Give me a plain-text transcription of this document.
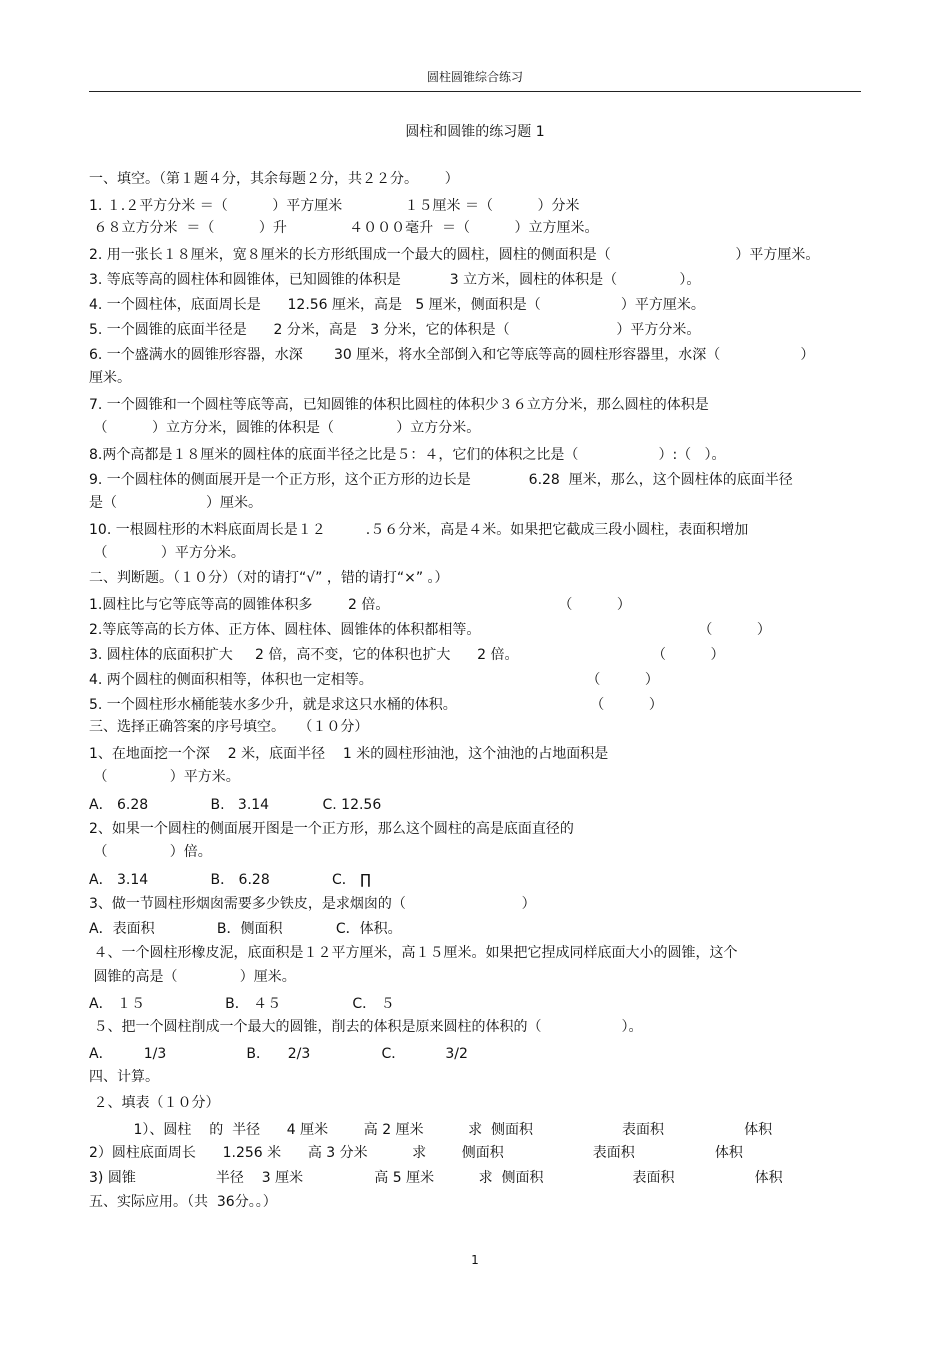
圆柱圆锥综合练习
圆柱和圆锥的练习题 1
一、填空。（第１题４分，其余每题２分，共２２分。      ）
1. １.２平方分米 ＝（          ）平方厘米              １５厘米 ＝（          ）分米
６８立方分米  ＝（          ）升              ４０００毫升  ＝（          ）立方厘米。
2. 用一张长１８厘米，宽８厘米的长方形纸围成一个最大的圆柱，圆柱的侧面积是（                            ）平方厘米。
3. 等底等高的圆柱体和圆锥体，已知圆锥的体积是           3 立方米，圆柱的体积是（              ）。
4. 一个圆柱体，底面周长是      12.56 厘米，高是   5 厘米，侧面积是（                  ）平方厘米。
5. 一个圆锥的底面半径是      2 分米，高是   3 分米，它的体积是（                        ）平方分米。
6. 一个盛满水的圆锥形容器，水深       30 厘米，将水全部倒入和它等底等高的圆柱形容器里，水深（                  ）
厘米。
7. 一个圆锥和一个圆柱等底等高，已知圆锥的体积比圆柱的体积少３６立方分米，那么圆柱的体积是
（          ）立方分米，圆锥的体积是（              ）立方分米。
8.两个高都是１８厘米的圆柱体的底面半径之比是５：４，它们的体积之比是（                  ）:（   ）。
9. 一个圆柱体的侧面展开是一个正方形，这个正方形的边长是             6.28  厘米，那么，这个圆柱体的底面半径
是（                    ）厘米。
10. 一根圆柱形的木料底面周长是１２         .５６分米，高是４米。如果把它截成三段小圆柱，表面积增加
（            ）平方分米。
二、判断题。（１０分）（对的请打“√” ，错的请打“×” 。）
1.圆柱比与它等底等高的圆锥体积多        2 倍。                                      （          ）
2.等底等高的长方体、正方体、圆柱体、圆锥体的体积都相等。                                                 （          ）
3. 圆柱体的底面积扩大     2 倍，高不变，它的体积也扩大      2 倍。                              （          ）
4. 两个圆柱的侧面积相等，体积也一定相等。                                                （          ）
5. 一个圆柱形水桶能装水多少升，就是求这只水桶的体积。                              （          ）
三、选择正确答案的序号填空。   （１０分）
1、在地面挖一个深    2 米，底面半径    1 米的圆柱形油池，这个油池的占地面积是
（              ）平方米。
A． 6.28              B.   3.14            C. 12.56
2、如果一个圆柱的侧面展开图是一个正方形，那么这个圆柱的高是底面直径的
（              ）倍。
A． 3.14              B． 6.28              C． ∏
3、做一节圆柱形烟囱需要多少铁皮，是求烟囱的（                          ）
A．表面积              B．侧面积            C．体积。
４、一个圆柱形橡皮泥，底面积是１２平方厘米，高１５厘米。如果把它捏成同样底面大小的圆锥，这个
圆锥的高是（              ）厘米。
A． １５                  B． ４５                C． ５
５、把一个圆柱削成一个最大的圆锥，削去的体积是原来圆柱的体积的（                  ）。
A．       1/3                  B．    2/3                C．         3/2
四、计算。
２、填表（１０分）
1）、圆柱    的  半径      4 厘米        高 2 厘米          求  侧面积                    表面积                  体积
2）圆柱底面周长      1.256 米      高 3 分米          求        侧面积                    表面积                  体积
3) 圆锥                  半径    3 厘米                高 5 厘米          求  侧面积                    表面积                  体积
五、实际应用。（共  36分。。）
1
